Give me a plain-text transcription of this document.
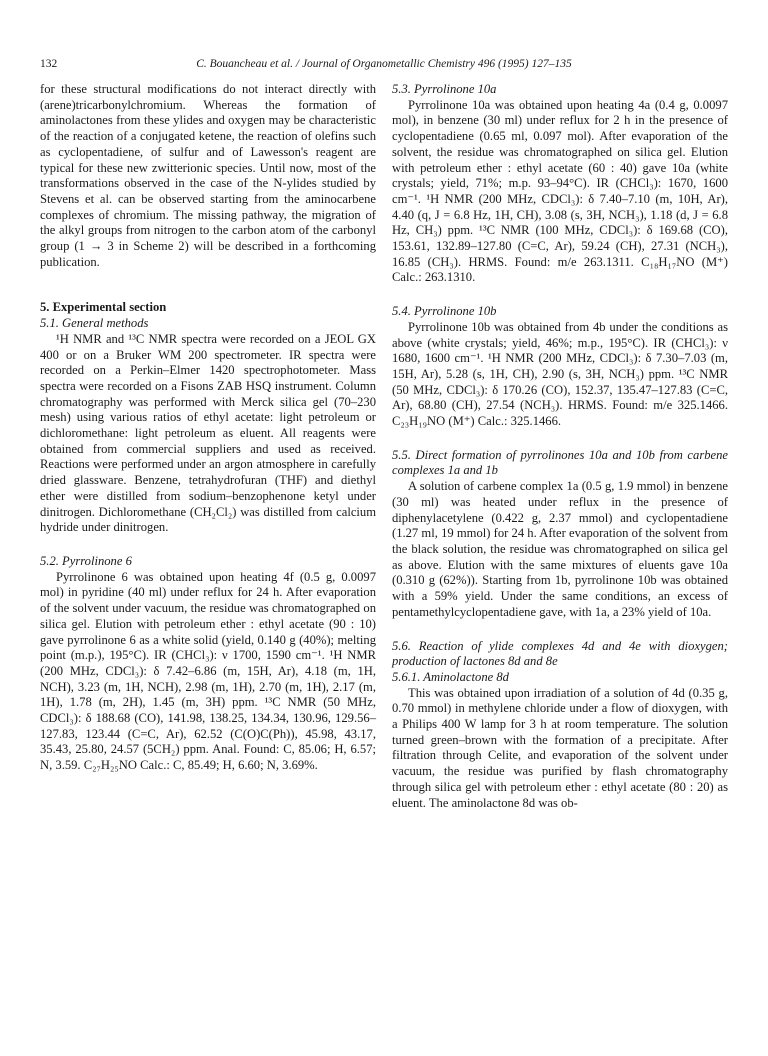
132	C. Bouancheau et al. / Journal of Organometallic Chemistry 496 (1995) 127–135

for these structural modifications do not interact directly with (arene)tricarbonylchromium. Whereas the formation of aminolactones from these ylides and oxygen may be characteristic of the reaction of a conjugated ketene, the reaction of olefins such as cyclopentadiene, of sulfur and of Lawesson's reagent are typical for these new zwitterionic species. Until now, most of the transformations observed in the case of the N-ylides studied by Stevens et al. can be observed starting from the aminocarbene complexes of chromium. The missing pathway, the migration of the alkyl groups from nitrogen to the carbon atom of the carbonyl group (1 → 3 in Scheme 2) will be described in a forthcoming publication.

5. Experimental section

5.1. General methods

¹H NMR and ¹³C NMR spectra were recorded on a JEOL GX 400 or on a Bruker WM 200 spectrometer. IR spectra were recorded on a Perkin–Elmer 1420 spectrophotometer. Mass spectra were recorded on a Fisons ZAB HSQ instrument. Column chromatography was performed with Merck silica gel (70–230 mesh) using various ratios of ethyl acetate: light petroleum or dichloromethane: light petroleum as eluent. All reagents were obtained from commercial suppliers and used as received. Reactions were performed under an argon atmosphere in carefully dried glassware. Benzene, tetrahydrofuran (THF) and diethyl ether were distilled from sodium–benzophenone ketyl under dinitrogen. Dichloromethane (CH₂Cl₂) was distilled from calcium hydride under dinitrogen.

5.2. Pyrrolinone 6

Pyrrolinone 6 was obtained upon heating 4f (0.5 g, 0.0097 mol) in pyridine (40 ml) under reflux for 24 h. After evaporation of the solvent under vacuum, the residue was chromatographed on silica gel. Elution with petroleum ether : ethyl acetate (90 : 10) gave pyrrolinone 6 as a white solid (yield, 0.140 g (40%); melting point (m.p.), 195°C). IR (CHCl₃): ν 1700, 1590 cm⁻¹. ¹H NMR (200 MHz, CDCl₃): δ 7.42–6.86 (m, 15H, Ar), 4.18 (m, 1H, NCH), 3.23 (m, 1H, NCH), 2.98 (m, 1H), 2.70 (m, 1H), 2.17 (m, 1H), 1.78 (m, 2H), 1.45 (m, 3H) ppm. ¹³C NMR (50 MHz, CDCl₃): δ 188.68 (CO), 141.98, 138.25, 134.34, 130.96, 129.56–127.83, 123.44 (C=C, Ar), 62.52 (C(O)C(Ph)), 45.98, 43.17, 35.43, 25.80, 24.57 (5CH₂) ppm. Anal. Found: C, 85.06; H, 6.57; N, 3.59. C₂₇H₂₅NO Calc.: C, 85.49; H, 6.60; N, 3.69%.

5.3. Pyrrolinone 10a

Pyrrolinone 10a was obtained upon heating 4a (0.4 g, 0.0097 mol), in benzene (30 ml) under reflux for 2 h in the presence of cyclopentadiene (0.65 ml, 0.097 mol). After evaporation of the solvent, the residue was chromatographed on silica gel. Elution with petroleum ether : ethyl acetate (60 : 40) gave 10a (white crystals; yield, 71%; m.p. 93–94°C). IR (CHCl₃): 1670, 1600 cm⁻¹. ¹H NMR (200 MHz, CDCl₃): δ 7.40–7.10 (m, 10H, Ar), 4.40 (q, J = 6.8 Hz, 1H, CH), 3.08 (s, 3H, NCH₃), 1.18 (d, J = 6.8 Hz, CH₃) ppm. ¹³C NMR (100 MHz, CDCl₃): δ 169.68 (CO), 153.61, 132.89–127.80 (C=C, Ar), 59.24 (CH), 27.31 (NCH₃), 16.85 (CH₃). HRMS. Found: m/e 263.1311. C₁₈H₁₇NO (M⁺) Calc.: 263.1310.

5.4. Pyrrolinone 10b

Pyrrolinone 10b was obtained from 4b under the conditions as above (white crystals; yield, 46%; m.p., 195°C). IR (CHCl₃): ν 1680, 1600 cm⁻¹. ¹H NMR (200 MHz, CDCl₃): δ 7.30–7.03 (m, 15H, Ar), 5.28 (s, 1H, CH), 2.90 (s, 3H, NCH₃) ppm. ¹³C NMR (50 MHz, CDCl₃): δ 170.26 (CO), 152.37, 135.47–127.83 (C=C, Ar), 68.80 (CH), 27.54 (NCH₃). HRMS. Found: m/e 325.1466. C₂₃H₁₉NO (M⁺) Calc.: 325.1466.

5.5. Direct formation of pyrrolinones 10a and 10b from carbene complexes 1a and 1b

A solution of carbene complex 1a (0.5 g, 1.9 mmol) in benzene (30 ml) was heated under reflux in the presence of diphenylacetylene (0.422 g, 2.37 mmol) and cyclopentadiene (1.27 ml, 19 mmol) for 24 h. After evaporation of the solvent from the black solution, the residue was chromatographed on silica gel as above. Elution with the same mixtures of eluents gave 10a (0.310 g (62%)). Starting from 1b, pyrrolinone 10b was obtained with a 59% yield. Under the same conditions, an excess of pentamethylcyclopentadiene gave, with 1a, a 23% yield of 10a.

5.6. Reaction of ylide complexes 4d and 4e with dioxygen; production of lactones 8d and 8e

5.6.1. Aminolactone 8d

This was obtained upon irradiation of a solution of 4d (0.35 g, 0.70 mmol) in methylene chloride under a flow of dioxygen, with a Philips 400 W lamp for 3 h at room temperature. The solution turned green–brown with the formation of a precipitate. After filtration through Celite, and evaporation of the solvent under vacuum, the residue was purified by flash chromatography through silica gel with petroleum ether : ethyl acetate (80 : 20) as eluent. The aminolactone 8d was ob-
